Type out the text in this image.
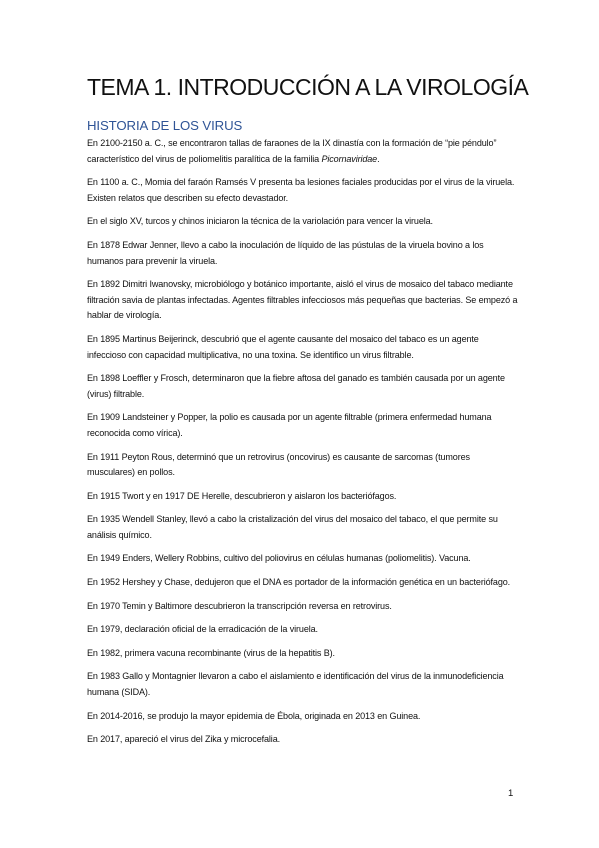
TEMA 1. INTRODUCCIÓN A LA VIROLOGÍA
HISTORIA DE LOS VIRUS

En 2100-2150 a. C., se encontraron tallas de faraones de la IX dinastía con la formación de “pie péndulo” característico del virus de poliomelitis paralítica de la familia Picornaviridae.

En 1100 a. C., Momia del faraón Ramsés V presenta ba lesiones faciales producidas por el virus de la viruela. Existen relatos que describen su efecto devastador.

En el siglo XV, turcos y chinos iniciaron la técnica de la variolación para vencer la viruela.

En 1878 Edwar Jenner, llevo a cabo la inoculación de líquido de las pústulas de la viruela bovino a los humanos para prevenir la viruela.

En 1892 Dimitri Iwanovsky, microbiólogo y botánico importante, aisló el virus de mosaico del tabaco mediante filtración savia de plantas infectadas. Agentes filtrables infecciosos más pequeñas que bacterias. Se empezó a hablar de virología.

En 1895 Martinus Beijerinck, descubrió que el agente causante del mosaico del tabaco es un agente infeccioso con capacidad multiplicativa, no una toxina. Se identifico un virus filtrable.

En 1898 Loeffler y Frosch, determinaron que la fiebre aftosa del ganado es también causada por un agente (virus) filtrable.

En 1909 Landsteiner y Popper, la polio es causada por un agente filtrable (primera enfermedad humana reconocida como vírica).

En 1911 Peyton Rous, determinó que un retrovirus (oncovirus) es causante de sarcomas (tumores musculares) en pollos.

En 1915 Twort y en 1917 DE Herelle, descubrieron y aislaron los bacteriófagos.

En 1935 Wendell Stanley, llevó a cabo la cristalización del virus del mosaico del tabaco, el que permite su análisis químico.

En 1949 Enders, Wellery Robbins, cultivo del poliovirus en células humanas (poliomelitis). Vacuna.

En 1952 Hershey y Chase, dedujeron que el DNA es portador de la información genética en un bacteriófago.

En 1970 Temin y Baltimore descubrieron la transcripción reversa en retrovirus.

En 1979, declaración oficial de la erradicación de la viruela.

En 1982, primera vacuna recombinante (virus de la hepatitis B).

En 1983 Gallo y Montagnier llevaron a cabo el aislamiento e identificación del virus de la inmunodeficiencia humana (SIDA).

En 2014-2016, se produjo la mayor epidemia de Ébola, originada en 2013 en Guinea.

En 2017, apareció el virus del Zika y microcefalia.

1
